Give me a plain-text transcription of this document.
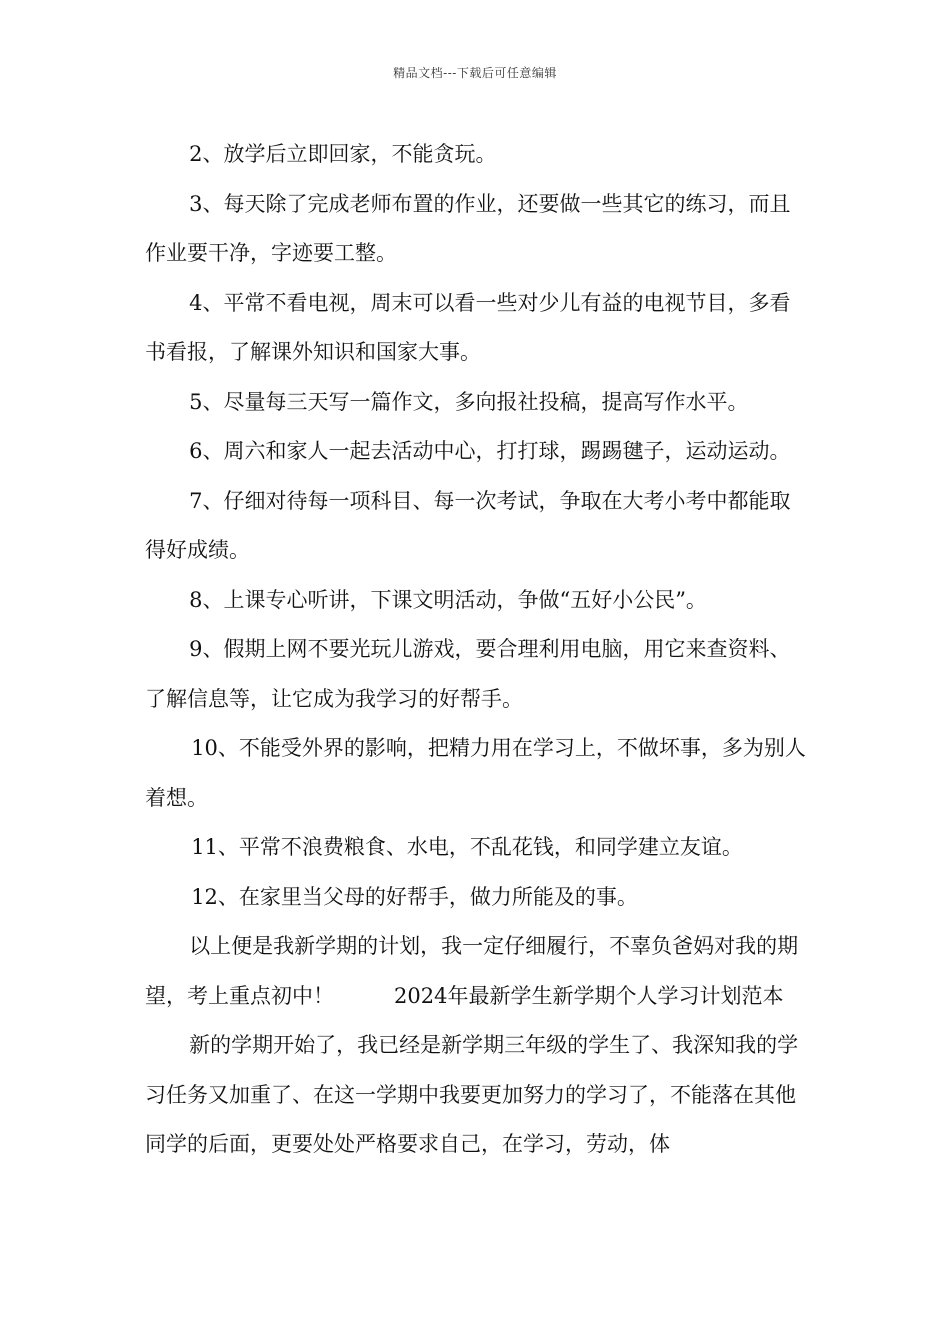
精品文档---下载后可任意编辑

2、放学后立即回家，不能贪玩。

3、每天除了完成老师布置的作业，还要做一些其它的练习，而且作业要干净，字迹要工整。

4、平常不看电视，周末可以看一些对少儿有益的电视节目，多看书看报，了解课外知识和国家大事。

5、尽量每三天写一篇作文，多向报社投稿，提高写作水平。

6、周六和家人一起去活动中心，打打球，踢踢毽子，运动运动。

7、仔细对待每一项科目、每一次考试，争取在大考小考中都能取得好成绩。

8、上课专心听讲，下课文明活动，争做“五好小公民”。

9、假期上网不要光玩儿游戏，要合理利用电脑，用它来查资料、了解信息等，让它成为我学习的好帮手。

10、不能受外界的影响，把精力用在学习上，不做坏事，多为别人着想。

11、平常不浪费粮食、水电，不乱花钱，和同学建立友谊。

12、在家里当父母的好帮手，做力所能及的事。

以上便是我新学期的计划，我一定仔细履行，不辜负爸妈对我的期望，考上重点初中！	2024年最新学生新学期个人学习计划范本

新的学期开始了，我已经是新学期三年级的学生了、我深知我的学习任务又加重了、在这一学期中我要更加努力的学习了，不能落在其他同学的后面，更要处处严格要求自己，在学习，劳动，体
